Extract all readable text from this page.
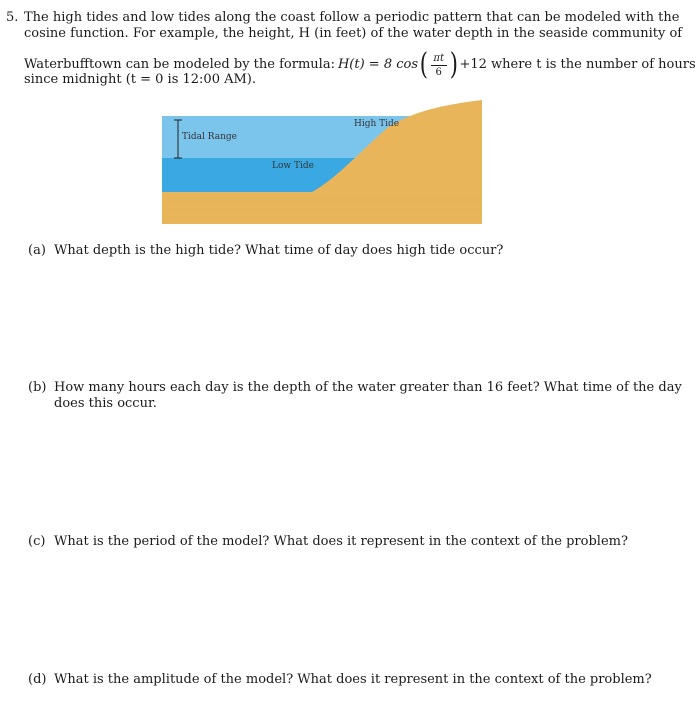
5. The high tides and low tides along the coast follow a periodic pattern that can be modeled with the
cosine function. For example, the height, H (in feet) of the water depth in the seaside community of
Waterbufftown can be modeled by the formula: H(t) = 8 cos ( $\frac{\pi t}{6}$ ) +12 where t is the number of hours
since midnight (t = 0 is 12:00 AM).
Tidal Range
Low Tide
High Tide
(a) What depth is the high tide? What time of day does high tide occur?
(b) How many hours each day is the depth of the water greater than 16 feet? What time of the day
does this occur.
(c) What is the period of the model? What does it represent in the context of the problem?
(d) What is the amplitude of the model? What does it represent in the context of the problem?
